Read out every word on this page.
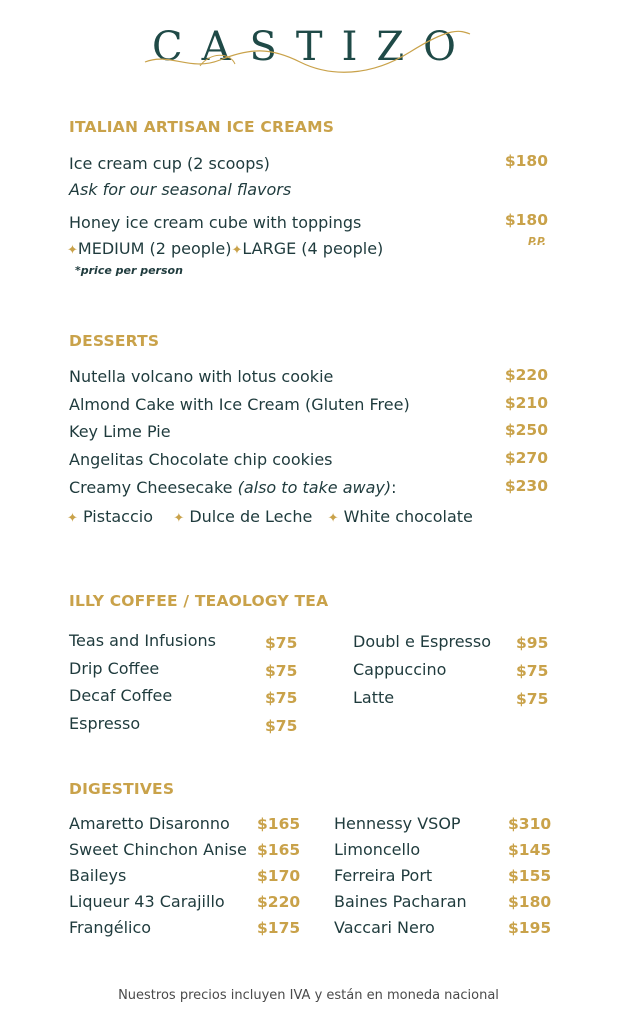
CASTIZO
ITALIAN ARTISAN ICE CREAMS
Ice cream cup (2 scoops)	$180
Ask for our seasonal flavors
Honey ice cream cube with toppings	$180
P.P.
✦MEDIUM (2 people)✦LARGE (4 people)
*price per person
DESSERTS
Nutella volcano with lotus cookie	$220
Almond Cake with Ice Cream (Gluten Free)	$210
Key Lime Pie	$250
Angelitas Chocolate chip cookies	$270
Creamy Cheesecake (also to take away):	$230
✦ Pistaccio ✦ Dulce de Leche ✦ White chocolate
ILLY COFFEE / TEAOLOGY TEA
Teas and Infusions	$75
Drip Coffee	$75
Decaf Coffee	$75
Espresso	$75
Doubl e Espresso $95
Cappuccino	$75
Latte	$75
DIGESTIVES
Amaretto Disaronno $165
Sweet Chinchon Anise $165
Baileys	$170
Liqueur 43 Carajillo $220
Frangélico	$175
Hennessy VSOP	$310
Limoncello	$145
Ferreira Port	$155
Baines Pacharan	$180
Vaccari Nero	$195
Nuestros precios incluyen IVA y están en moneda nacional
